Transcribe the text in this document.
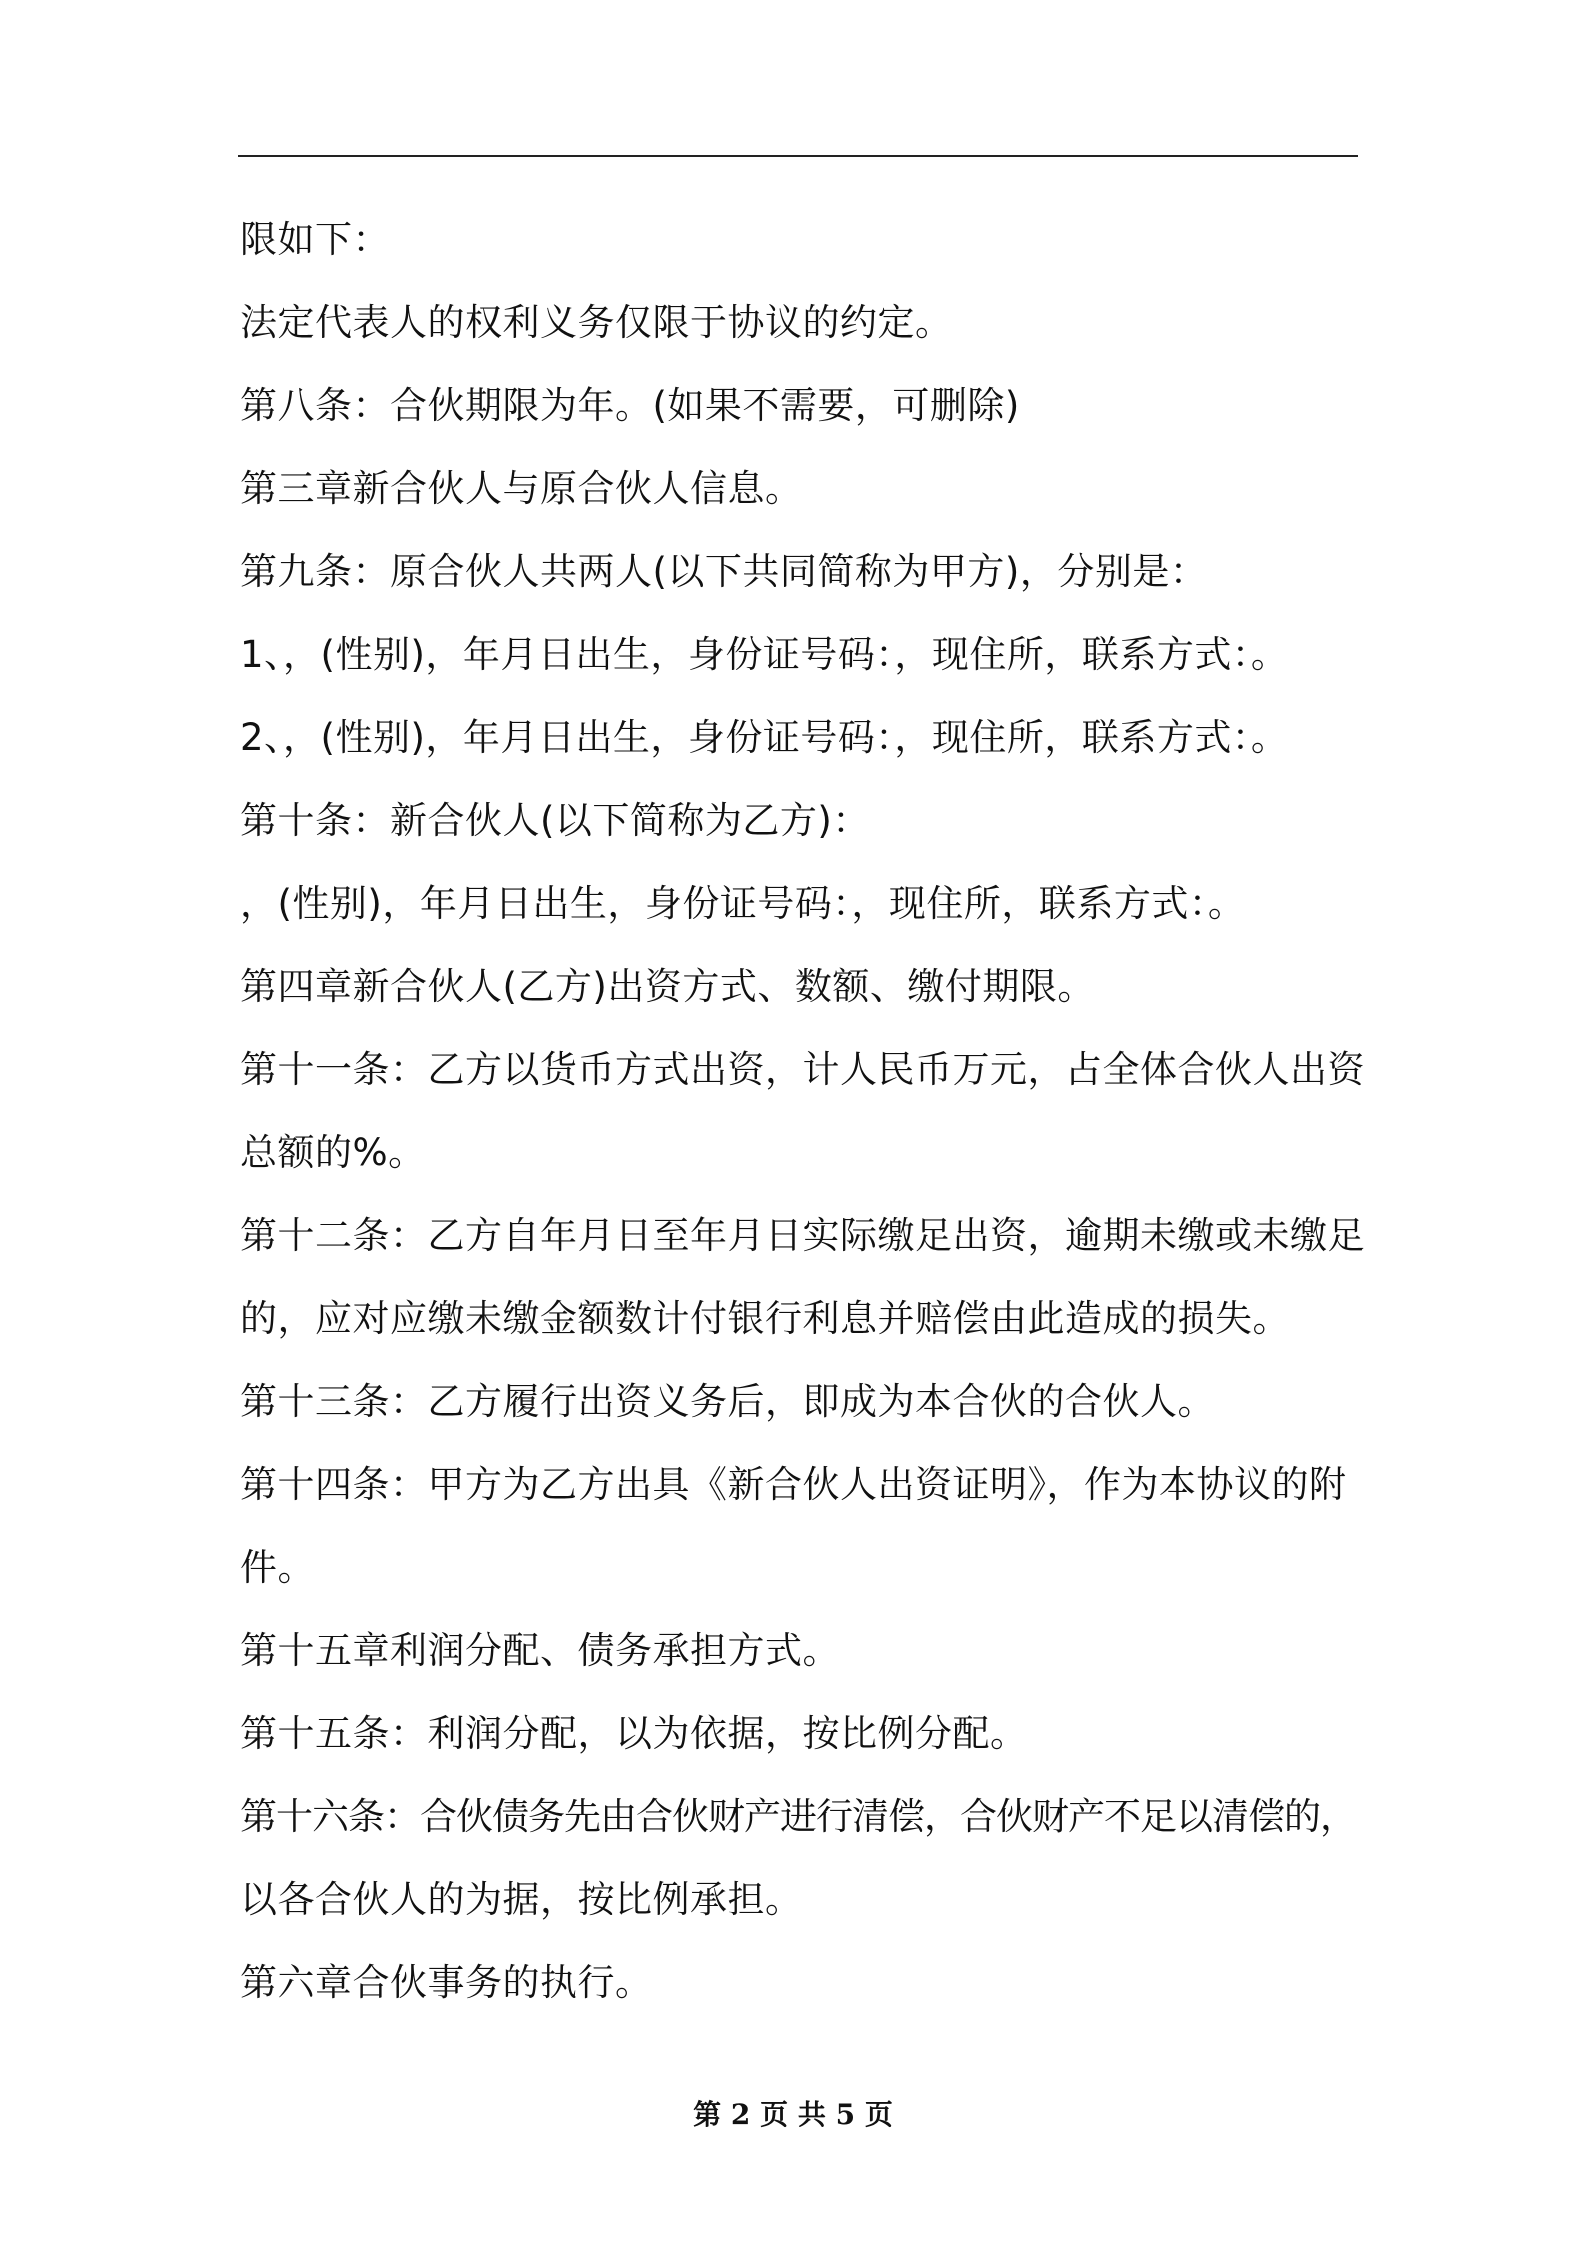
限如下：
法定代表人的权利义务仅限于协议的约定。
第八条：合伙期限为年。(如果不需要，可删除)
第三章新合伙人与原合伙人信息。
第九条：原合伙人共两人(以下共同简称为甲方)，分别是：
1、，(性别)，年月日出生，身份证号码：，现住所，联系方式：。
2、，(性别)，年月日出生，身份证号码：，现住所，联系方式：。
第十条：新合伙人(以下简称为乙方)：
，(性别)，年月日出生，身份证号码：，现住所，联系方式：。
第四章新合伙人(乙方)出资方式、数额、缴付期限。
第十一条：乙方以货币方式出资，计人民币万元，占全体合伙人出资
总额的%。
第十二条：乙方自年月日至年月日实际缴足出资，逾期未缴或未缴足
的，应对应缴未缴金额数计付银行利息并赔偿由此造成的损失。
第十三条：乙方履行出资义务后，即成为本合伙的合伙人。
第十四条：甲方为乙方出具《新合伙人出资证明》，作为本协议的附
件。
第十五章利润分配、债务承担方式。
第十五条：利润分配，以为依据，按比例分配。
第十六条：合伙债务先由合伙财产进行清偿，合伙财产不足以清偿的，
以各合伙人的为据，按比例承担。
第六章合伙事务的执行。
第 2 页 共 5 页
